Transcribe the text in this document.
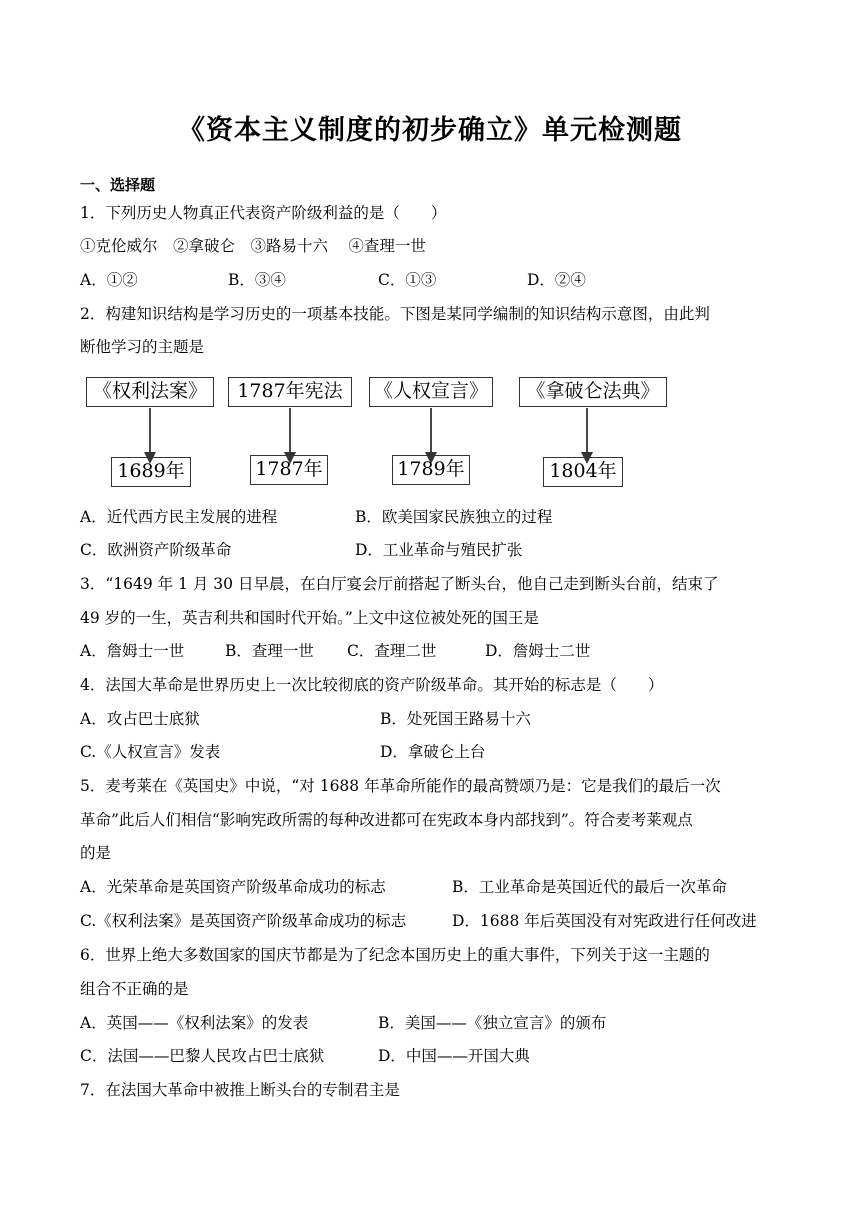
《资本主义制度的初步确立》单元检测题
一、选择题
1．下列历史人物真正代表资产阶级利益的是（　　）
①克伦威尔　②拿破仑　③路易十六　 ④查理一世
A．①②	B．③④	C．①③	D．②④
2．构建知识结构是学习历史的一项基本技能。下图是某同学编制的知识结构示意图，由此判
断他学习的主题是
《权利法案》	1787年宪法	《人权宣言》	《拿破仑法典》
1689年	1787年	1789年	1804年
A．近代西方民主发展的进程	B．欧美国家民族独立的过程
C．欧洲资产阶级革命	D．工业革命与殖民扩张
3．“1649 年 1 月 30 日早晨，在白厅宴会厅前搭起了断头台，他自己走到断头台前，结束了
49 岁的一生，英吉利共和国时代开始。”上文中这位被处死的国王是
A．詹姆士一世	B．查理一世 C．查理二世	D．詹姆士二世
4．法国大革命是世界历史上一次比较彻底的资产阶级革命。其开始的标志是（　　）
A．攻占巴士底狱	B．处死国王路易十六
C.《人权宣言》发表	D．拿破仑上台
5．麦考莱在《英国史》中说，“对 1688 年革命所能作的最高赞颂乃是：它是我们的最后一次
革命”此后人们相信“影响宪政所需的每种改进都可在宪政本身内部找到”。符合麦考莱观点
的是
A．光荣革命是英国资产阶级革命成功的标志	B．工业革命是英国近代的最后一次革命
C.《权利法案》是英国资产阶级革命成功的标志	D．1688 年后英国没有对宪政进行任何改进
6．世界上绝大多数国家的国庆节都是为了纪念本国历史上的重大事件，下列关于这一主题的
组合不正确的是
A．英国——《权利法案》的发表	B．美国——《独立宣言》的颁布
C．法国——巴黎人民攻占巴士底狱	D．中国——开国大典
7．在法国大革命中被推上断头台的专制君主是
